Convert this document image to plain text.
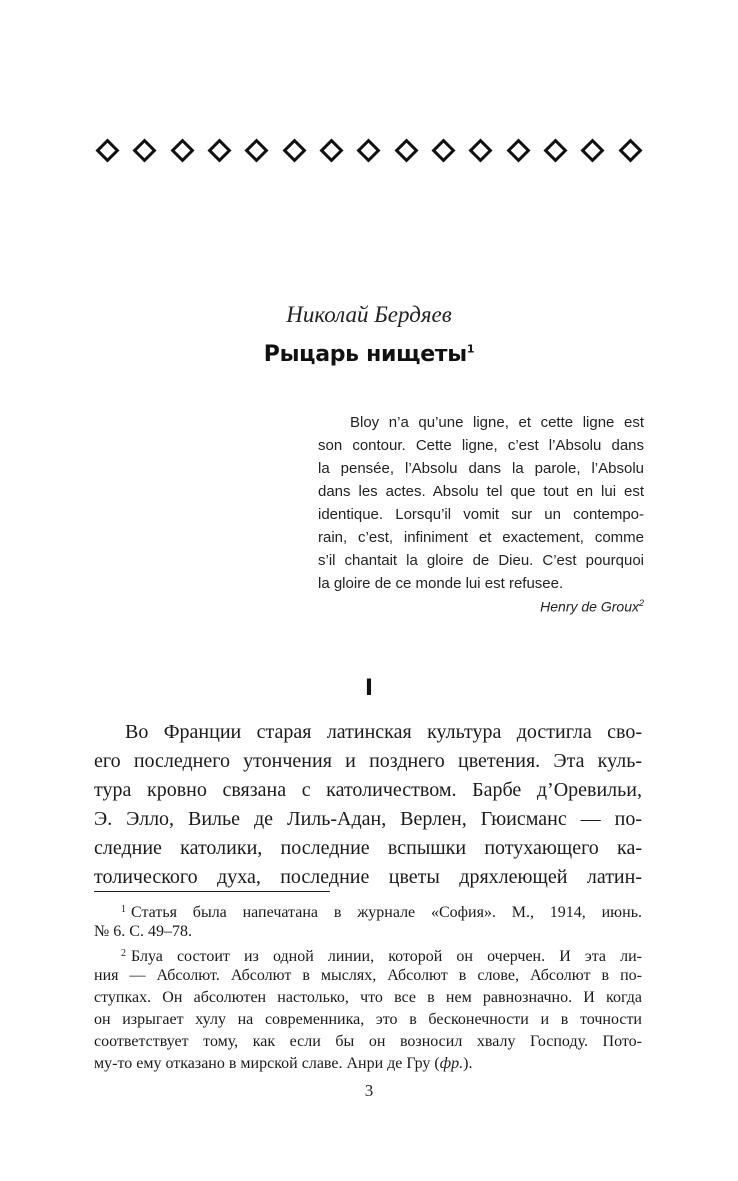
Николай Бердяев
Рыцарь нищеты$^1$
Bloy n’a qu’une ligne, et cette ligne est
son contour. Cette ligne, c’est l’Absolu dans
la pensée, l’Absolu dans la parole, l’Absolu
dans les actes. Absolu tel que tout en lui est
identique. Lorsqu’il vomit sur un contempo-
rain, c’est, infiniment et exactement, comme
s’il chantait la gloire de Dieu. C’est pourquoi
la gloire de ce monde lui est refusee.
Henry de Groux$^2$
I
Во Франции старая латинская культура достигла сво-
его последнего утончения и позднего цветения. Эта куль-
тура кровно связана с католичеством. Барбе д’Оревильи,
Э. Элло, Вилье де Лиль-Адан, Верлен, Гюисманс — по-
следние католики, последние вспышки потухающего ка-
толического духа, последние цветы дряхлеющей латин-
$^1$ Статья была напечатана в журнале «София». М., 1914, июнь.
№ 6. С. 49–78.
$^2$ Блуа состоит из одной линии, которой он очерчен. И эта ли-
ния — Абсолют. Абсолют в мыслях, Абсолют в слове, Абсолют в по-
ступках. Он абсолютен настолько, что все в нем равнозначно. И когда
он изрыгает хулу на современника, это в бесконечности и в точности
соответствует тому, как если бы он возносил хвалу Господу. Пото-
му-то ему отказано в мирской славе. Анри де Гру (фр.).
3
